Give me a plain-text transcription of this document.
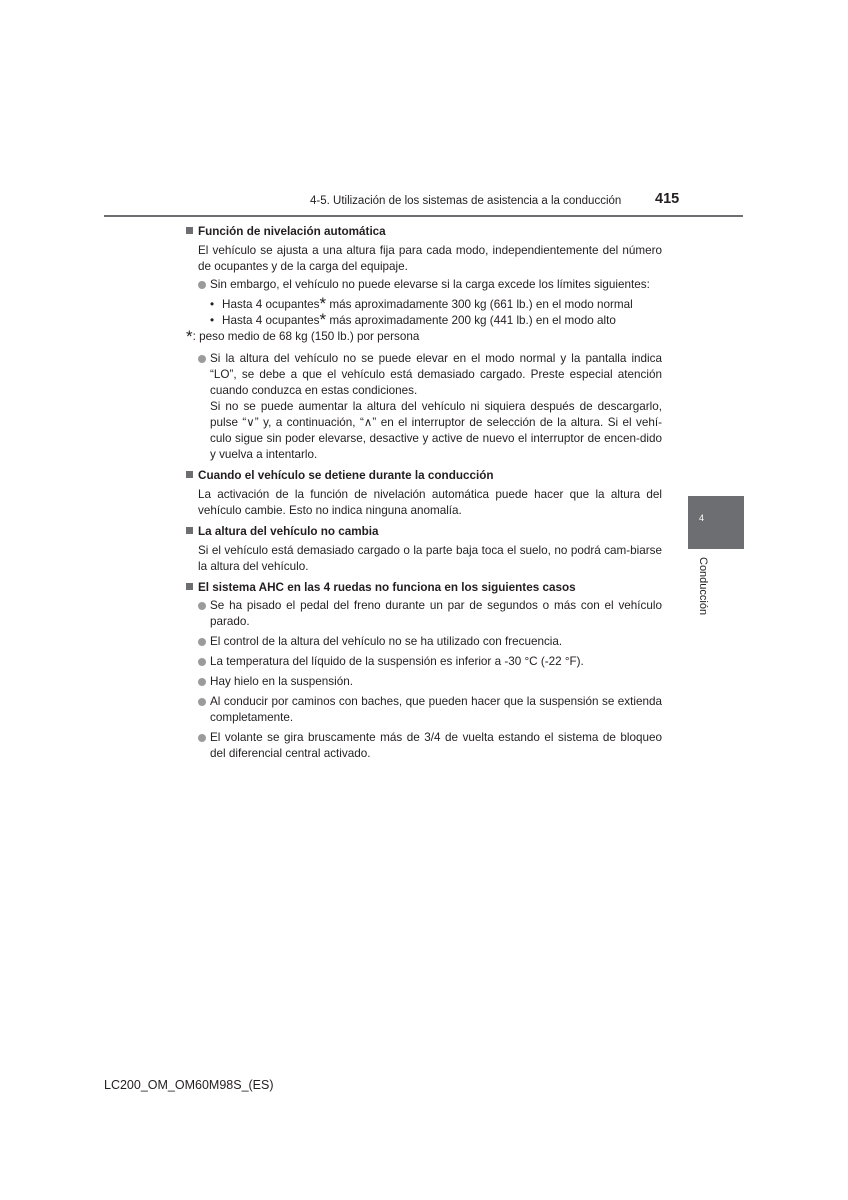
4-5. Utilización de los sistemas de asistencia a la conducción 415
4
Conducción

Función de nivelación automática

El vehículo se ajusta a una altura fija para cada modo, independientemente del número de ocupantes y de la carga del equipaje.

Sin embargo, el vehículo no puede elevarse si la carga excede los límites siguientes:
• Hasta 4 ocupantes* más aproximadamente 300 kg (661 lb.) en el modo normal
• Hasta 4 ocupantes* más aproximadamente 200 kg (441 lb.) en el modo alto

*: peso medio de 68 kg (150 lb.) por persona

Si la altura del vehículo no se puede elevar en el modo normal y la pantalla indica “LO”, se debe a que el vehículo está demasiado cargado. Preste especial atención cuando conduzca en estas condiciones.
Si no se puede aumentar la altura del vehículo ni siquiera después de descargarlo, pulse “∨” y, a continuación, “∧” en el interruptor de selección de la altura. Si el vehí-culo sigue sin poder elevarse, desactive y active de nuevo el interruptor de encen-dido y vuelva a intentarlo.

Cuando el vehículo se detiene durante la conducción

La activación de la función de nivelación automática puede hacer que la altura del vehículo cambie. Esto no indica ninguna anomalía.

La altura del vehículo no cambia

Si el vehículo está demasiado cargado o la parte baja toca el suelo, no podrá cam-biarse la altura del vehículo.

El sistema AHC en las 4 ruedas no funciona en los siguientes casos

Se ha pisado el pedal del freno durante un par de segundos o más con el vehículo parado.
El control de la altura del vehículo no se ha utilizado con frecuencia.
La temperatura del líquido de la suspensión es inferior a -30 °C (-22 °F).
Hay hielo en la suspensión.
Al conducir por caminos con baches, que pueden hacer que la suspensión se extienda completamente.
El volante se gira bruscamente más de 3/4 de vuelta estando el sistema de bloqueo del diferencial central activado.
LC200_OM_OM60M98S_(ES)
